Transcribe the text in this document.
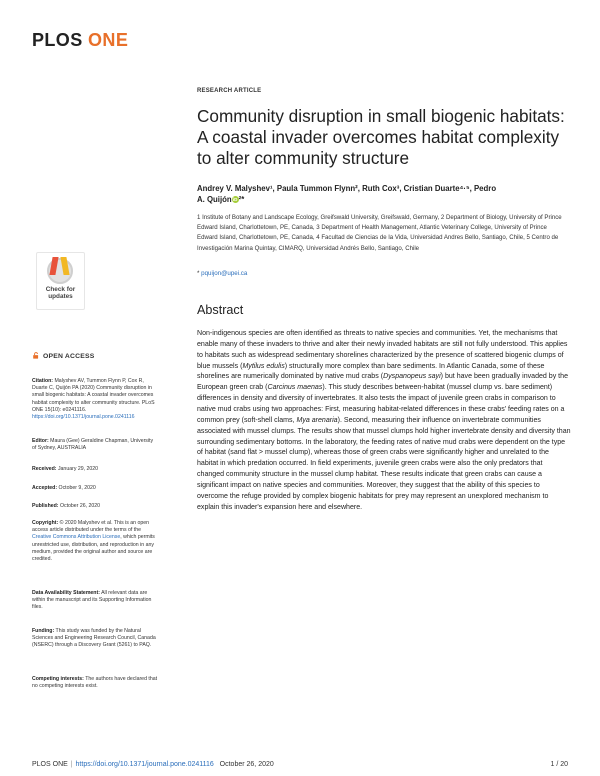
PLOS ONE
RESEARCH ARTICLE
Community disruption in small biogenic habitats: A coastal invader overcomes habitat complexity to alter community structure
Andrey V. Malyshev¹, Paula Tummon Flynn², Ruth Cox³, Cristian Duarte⁴·⁵, Pedro
A. QuijóniD²*
1 Institute of Botany and Landscape Ecology, Greifswald University, Greifswald, Germany, 2 Department of Biology, University of Prince Edward Island, Charlottetown, PE, Canada, 3 Department of Health Management, Atlantic Veterinary College, University of Prince Edward Island, Charlottetown, PE, Canada, 4 Facultad de Ciencias de la Vida, Universidad Andres Bello, Santiago, Chile, 5 Centro de Investigación Marina Quintay, CIMARQ, Universidad Andrés Bello, Santiago, Chile
* pquijon@upei.ca
Check for
updates
OPEN ACCESS
Citation: Malyshev AV, Tummon Flynn P, Cox R, Duarte C, Quijón PA (2020) Community disruption in small biogenic habitats: A coastal invader overcomes habitat complexity to alter community structure. PLoS ONE 15(10): e0241116. https://doi.org/10.1371/journal.pone.0241116
Editor: Maura (Gee) Geraldine Chapman, University of Sydney, AUSTRALIA
Received: January 29, 2020
Accepted: October 9, 2020
Published: October 26, 2020
Copyright: © 2020 Malyshev et al. This is an open access article distributed under the terms of the Creative Commons Attribution License, which permits unrestricted use, distribution, and reproduction in any medium, provided the original author and source are credited.
Data Availability Statement: All relevant data are within the manuscript and its Supporting Information files.
Funding: This study was funded by the Natural Sciences and Engineering Research Council, Canada (NSERC) through a Discovery Grant (5261) to PAQ.
Competing interests: The authors have declared that no competing interests exist.
Abstract
Non-indigenous species are often identified as threats to native species and communities. Yet, the mechanisms that enable many of these invaders to thrive and alter their newly invaded habitats are still not fully understood. This applies to habitats such as widespread sedimentary shorelines characterized by the presence of scattered biogenic clumps of blue mussels (Mytilus edulis) structurally more complex than bare sediments. In Atlantic Canada, some of these shorelines are numerically dominated by native mud crabs (Dyspanopeus sayi) but have been gradually invaded by the European green crab (Carcinus maenas). This study describes between-habitat (mussel clump vs. bare sediment) differences in density and diversity of invertebrates. It also tests the impact of juvenile green crabs in comparison to native mud crabs using two approaches: First, measuring habitat-related differences in these crabs' feeding rates on a common prey (soft-shell clams, Mya arenaria). Second, measuring their influence on invertebrate communities associated with mussel clumps. The results show that mussel clumps hold higher invertebrate density and diversity than surrounding sedimentary bottoms. In the laboratory, the feeding rates of native mud crabs were dependent on the type of habitat (sand flat > mussel clump), whereas those of green crabs were significantly higher and unrelated to the habitat in which predation occurred. In field experiments, juvenile green crabs were also the only predators that changed community structure in the mussel clump habitat. These results indicate that green crabs can cause a significant impact on native species and communities. Moreover, they suggest that the ability of this species to overcome the refuge provided by complex biogenic habitats for prey may represent an unexplored mechanism to explain this invader's expansion here and elsewhere.
PLOS ONE | https://doi.org/10.1371/journal.pone.0241116 October 26, 2020	1 / 20
